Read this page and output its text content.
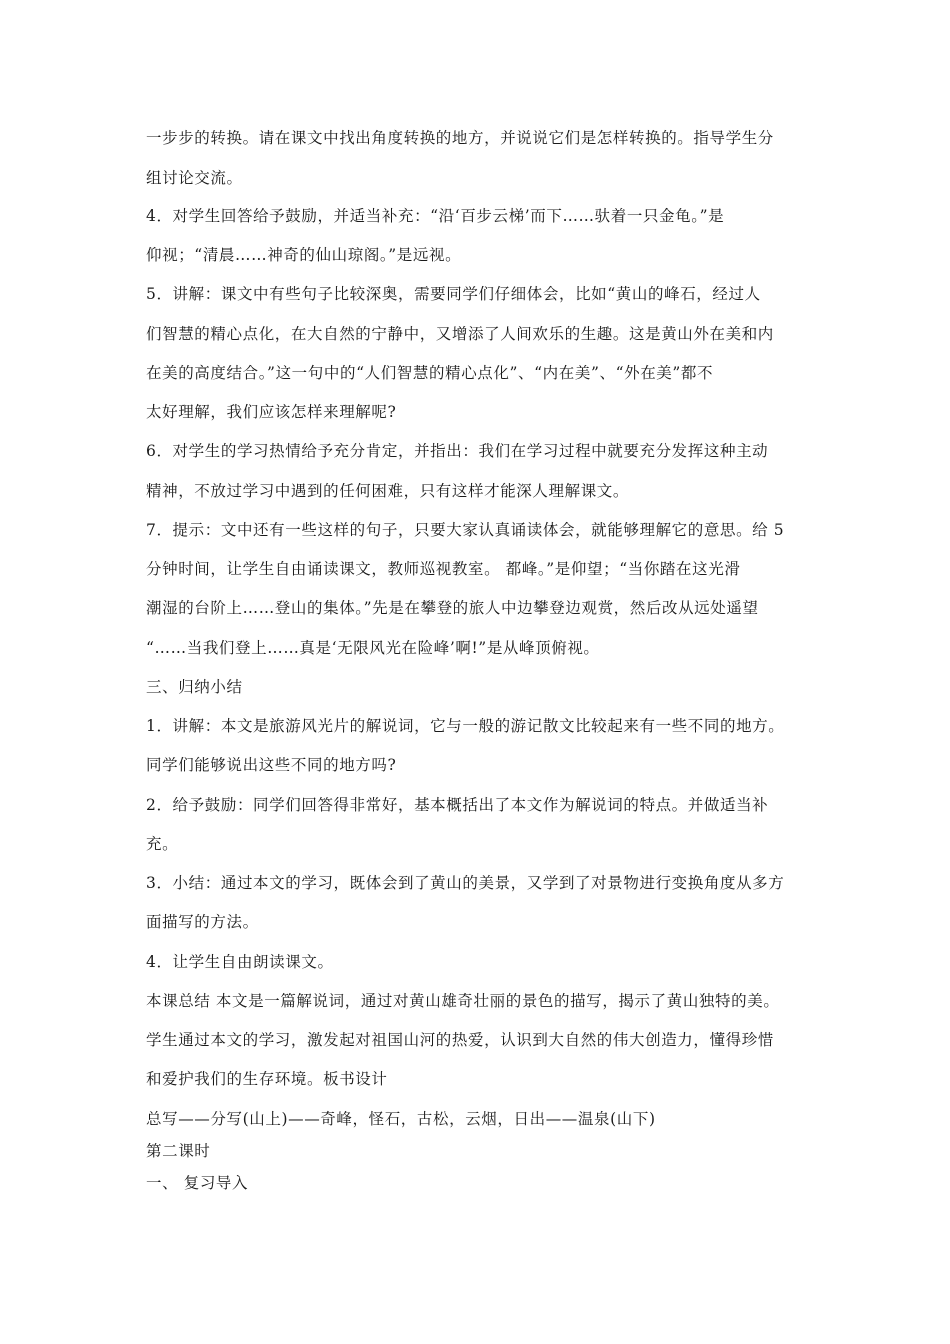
一步步的转换。请在课文中找出角度转换的地方，并说说它们是怎样转换的。指导学生分
组讨论交流。
4．对学生回答给予鼓励，并适当补充：“沿‘百步云梯’而下……驮着一只金龟。”是
仰视；“清晨……神奇的仙山琼阁。”是远视。
5．讲解：课文中有些句子比较深奥，需要同学们仔细体会，比如“黄山的峰石，经过人
们智慧的精心点化，在大自然的宁静中，又增添了人间欢乐的生趣。这是黄山外在美和内
在美的高度结合。”这一句中的“人们智慧的精心点化”、“内在美”、“外在美”都不
太好理解，我们应该怎样来理解呢?
6．对学生的学习热情给予充分肯定，并指出：我们在学习过程中就要充分发挥这种主动
精神，不放过学习中遇到的任何困难，只有这样才能深人理解课文。
7．提示：文中还有一些这样的句子，只要大家认真诵读体会，就能够理解它的意思。给 5
分钟时间，让学生自由诵读课文，教师巡视教室。 都峰。”是仰望；“当你踏在这光滑
潮湿的台阶上……登山的集体。”先是在攀登的旅人中边攀登边观赏，然后改从远处遥望
“……当我们登上……真是‘无限风光在险峰’啊!”是从峰顶俯视。
三、归纳小结
1．讲解：本文是旅游风光片的解说词，它与一般的游记散文比较起来有一些不同的地方。
同学们能够说出这些不同的地方吗?
2．给予鼓励：同学们回答得非常好，基本概括出了本文作为解说词的特点。并做适当补
充。
3．小结：通过本文的学习，既体会到了黄山的美景，又学到了对景物进行变换角度从多方
面描写的方法。
4．让学生自由朗读课文。
本课总结 本文是一篇解说词，通过对黄山雄奇壮丽的景色的描写，揭示了黄山独特的美。
学生通过本文的学习，激发起对祖国山河的热爱，认识到大自然的伟大创造力，懂得珍惜
和爱护我们的生存环境。板书设计
总写——分写(山上)——奇峰，怪石，古松，云烟，日出——温泉(山下)
第二课时
一、 复习导入
